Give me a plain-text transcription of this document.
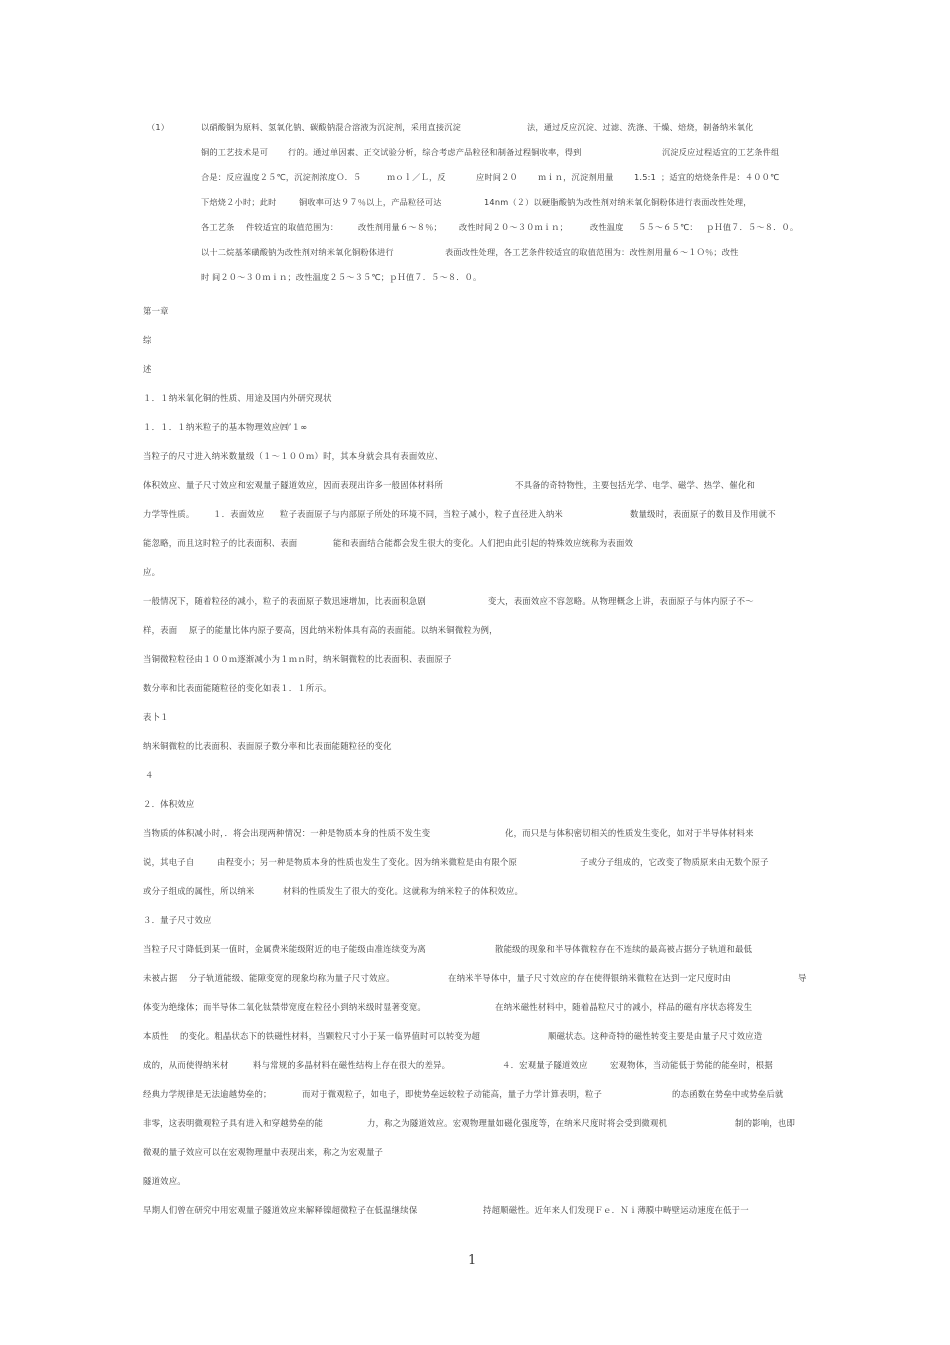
（1）	以硝酸铜为原料、氢氧化钠、碳酸钠混合溶液为沉淀剂，采用直接沉淀	法，通过反应沉淀、过滤、洗涤、干燥、焙烧，制备纳米氧化
铜的工艺技术是可 行的。通过单因素、正交试验分析，综合考虑产品粒径和制备过程铜收率，得到	沉淀反应过程适宜的工艺条件组
合是：反应温度２５℃，沉淀剂浓度Ｏ．５	ｍｏｌ／Ｌ，反	应时间２０ ｍｉｎ，沉淀剂用量	1.5:1 ；适宜的焙烧条件是：４００℃
下焙烧２小时；此时	铜收率可达９７％以上，产品粒径可达	14nm（２）以硬脂酸钠为改性剂对纳米氧化铜粉体进行表面改性处理，
各工艺条 件较适宜的取值范围为： 改性剂用量６～８％； 改性时间２０～３０ｍｉｎ；	改性温度 ５５～６５℃： ｐＨ值７．５～８．０。
以十二烷基苯磺酸钠为改性剂对纳米氧化铜粉体进行	表面改性处理，各工艺条件较适宜的取值范围为：改性剂用量６～１Ｏ％；改性
时 间２０～３０ｍｉｎ；改性温度２５～３５℃；ｐＨ值７．５～８．０。
第一章
综
述
１．１纳米氧化铜的性质、用途及国内外研究现状
１．１．１纳米粒子的基本物理效应㈣’１∞
当粒子的尺寸进入纳米数量级（１～１００ｍ）时，其本身就会具有表面效应、
体积效应、量子尺寸效应和宏观量子隧道效应，因而表现出许多一般固体材料所	不具备的奇特物性，主要包括光学、电学、磁学、热学、催化和
力学等性质。 １．表面效应 粒子表面原子与内部原子所处的环境不同，当粒子减小，粒子直径进入纳米	数量级时，表面原子的数目及作用就不
能忽略，而且这时粒子的比表面积、表面	能和表面结合能都会发生很大的变化。人们把由此引起的特殊效应统称为表面效
应。
一般情况下，随着粒径的减小，粒子的表面原子数迅速增加，比表面积急剧	变大，表面效应不容忽略。从物理概念上讲，表面原子与体内原子不～
样，表面 原子的能量比体内原子要高，因此纳米粉体具有高的表面能。以纳米铜微粒为例，
当铜微粒粒径由１００ｍ逐渐减小为１ｍｎ时，纳米铜微粒的比表面积、表面原子
数分率和比表面能随粒径的变化如表１．１所示。
表卜１
纳米铜微粒的比表面积、表面原子数分率和比表面能随粒径的变化
４
２．体积效应
当物质的体积减小时，．将会出现两种情况：一种是物质本身的性质不发生变	化，而只是与体积密切相关的性质发生变化，如对于半导体材料来
说，其电子自	由程变小；另一种是物质本身的性质也发生了变化。因为纳米微粒是由有限个原	子或分子组成的，它改变了物质原来由无数个原子
或分子组成的属性，所以纳米	材料的性质发生了很大的变化。这就称为纳米粒子的体积效应。
３．量子尺寸效应
当粒子尺寸降低到某一值时，金属费米能级附近的电子能级由准连续变为离	散能级的现象和半导体微粒存在不连续的最高被占据分子轨道和最低
未被占据 分子轨道能级、能隙变宽的现象均称为量子尺寸效应。	在纳米半导体中，量子尺寸效应的存在使得银纳米微粒在达到一定尺度时由	导
体变为绝缘体；而半导体二氧化钛禁带宽度在粒径小到纳米级时显著变宽。	在纳米磁性材料中，随着晶粒尺寸的减小，样品的磁有序状态将发生
本质性 的变化。粗晶状态下的铁磁性材料，当颗粒尺寸小于某一临界值时可以转变为超	顺磁状态。这种奇特的磁性转变主要是由量子尺寸效应造
成的，从而使得纳米材	料与常规的多晶材料在磁性结构上存在很大的差异。	４．宏观量子隧道效应	宏观物体，当动能低于势能的能垒时，根据
经典力学规律是无法逾越势垒的；	而对于微观粒子，如电子，即使势垒远较粒子动能高，量子力学计算表明，粒子	的态函数在势垒中或势垒后就
非零，这表明微观粒子具有进入和穿越势垒的能	力，称之为隧道效应。宏观物理量如磁化强度等，在纳米尺度时将会受到微观机	制的影响，也即
微观的量子效应可以在宏观物理量中表现出来，称之为宏观量子
隧道效应。
早期人们曾在研究中用宏观量子隧道效应来解释镍超微粒子在低温继续保	持超顺磁性。近年来人们发现Ｆｅ．Ｎｉ薄膜中畴壁运动速度在低于一
1
